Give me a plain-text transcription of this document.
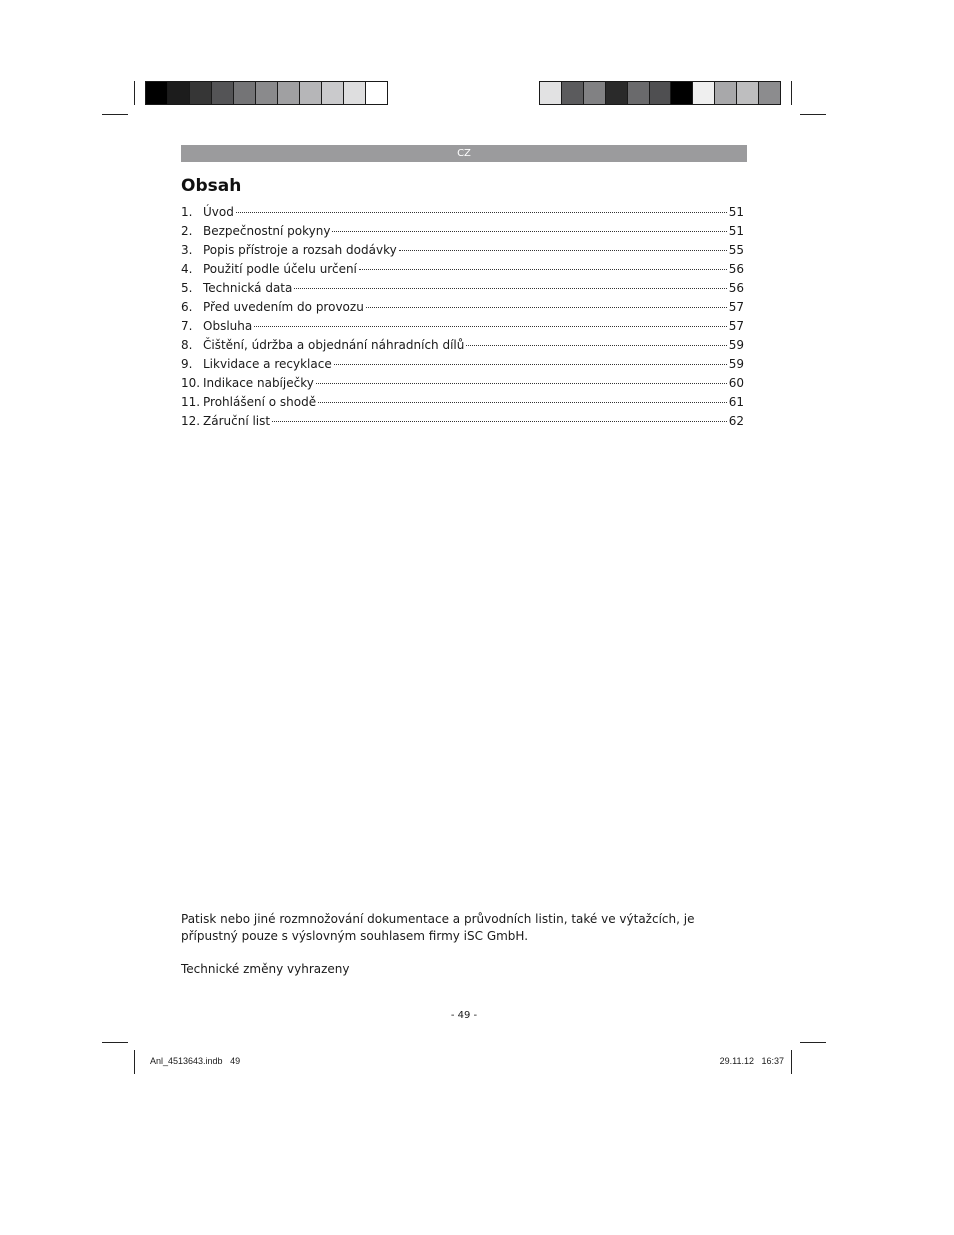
CZ
Obsah
1. Úvod	51
2. Bezpečnostní pokyny	51
3. Popis přístroje a rozsah dodávky	55
4. Použití podle účelu určení	56
5. Technická data	56
6. Před uvedením do provozu	57
7. Obsluha	57
8. Čištění, údržba a objednání náhradních dílů	59
9. Likvidace a recyklace	59
10. Indikace nabíječky	60
11. Prohlášení o shodě	61
12. Záruční list	62

Patisk nebo jiné rozmnožování dokumentace a průvodních listin, také ve výtažcích, je přípustný pouze s výslovným souhlasem firmy iSC GmbH.

Technické změny vyhrazeny

- 49 -

Anl_4513643.indb   49	29.11.12   16:37
